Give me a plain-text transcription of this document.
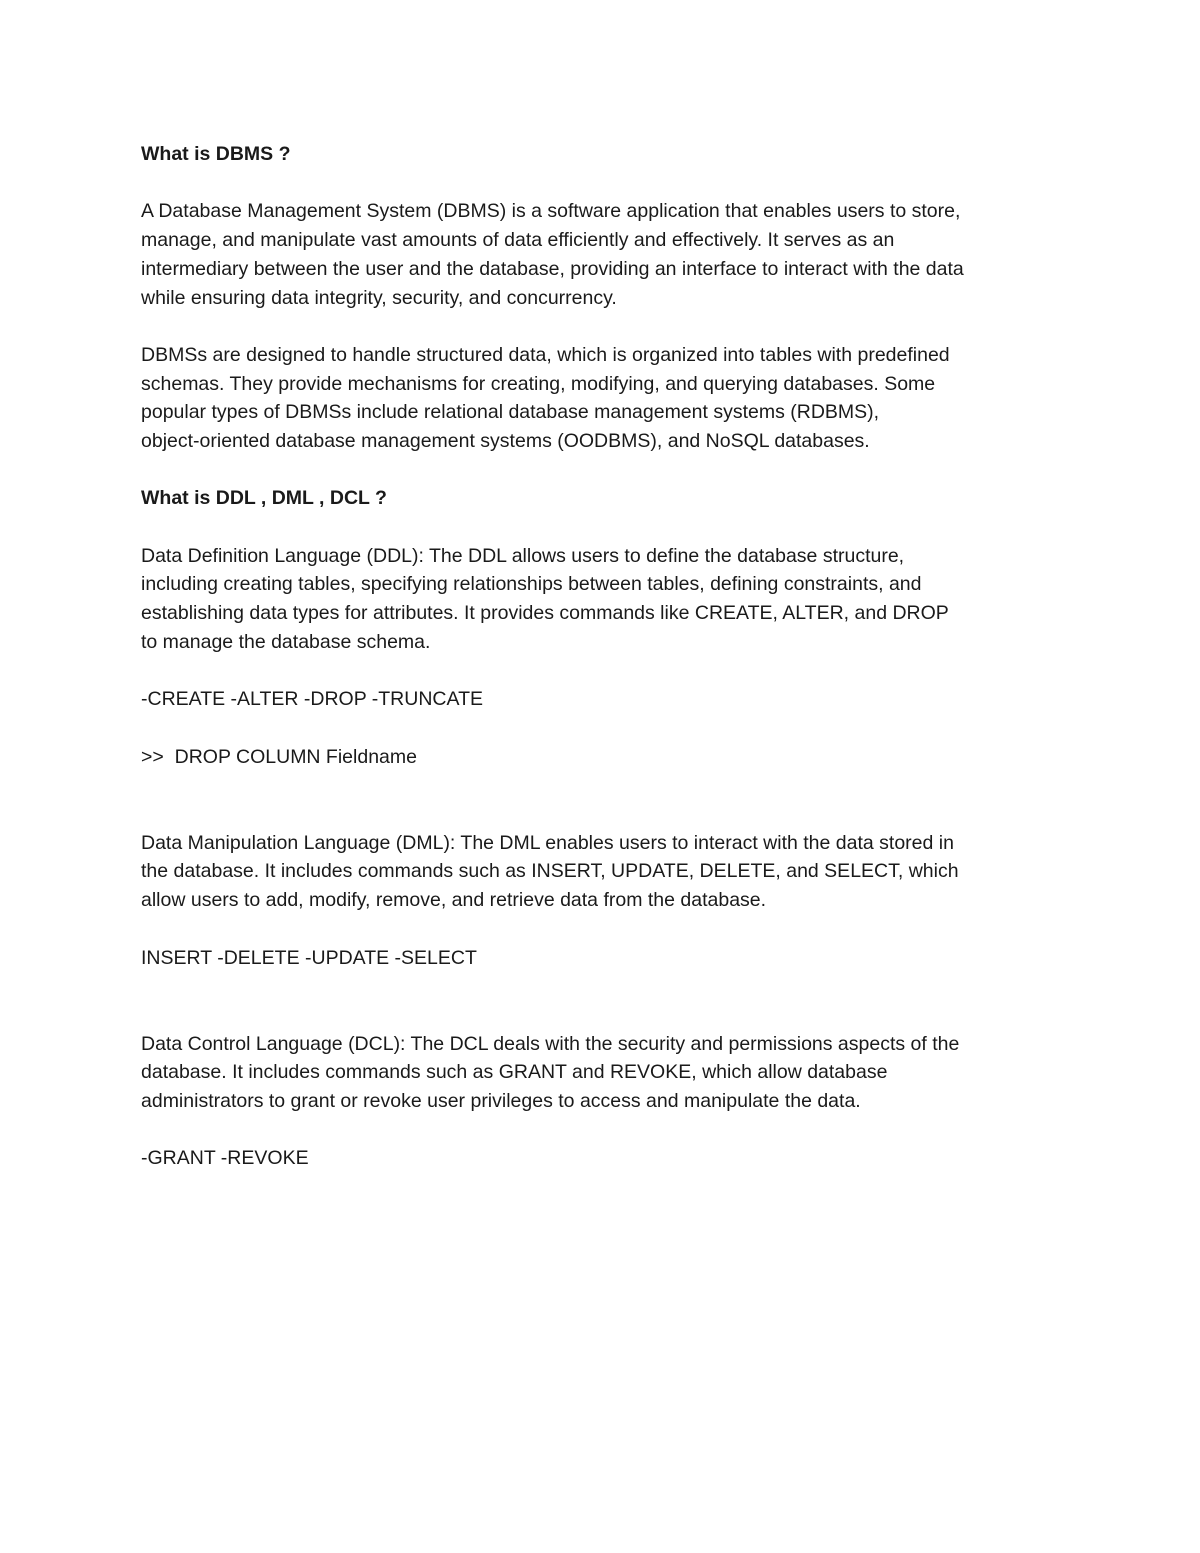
What is DBMS ?
A Database Management System (DBMS) is a software application that enables users to store,
manage, and manipulate vast amounts of data efficiently and effectively. It serves as an
intermediary between the user and the database, providing an interface to interact with the data
while ensuring data integrity, security, and concurrency.
DBMSs are designed to handle structured data, which is organized into tables with predefined
schemas. They provide mechanisms for creating, modifying, and querying databases. Some
popular types of DBMSs include relational database management systems (RDBMS),
object-oriented database management systems (OODBMS), and NoSQL databases.
What is DDL , DML , DCL ?
Data Definition Language (DDL): The DDL allows users to define the database structure,
including creating tables, specifying relationships between tables, defining constraints, and
establishing data types for attributes. It provides commands like CREATE, ALTER, and DROP
to manage the database schema.
-CREATE -ALTER -DROP -TRUNCATE
>>  DROP COLUMN Fieldname
Data Manipulation Language (DML): The DML enables users to interact with the data stored in
the database. It includes commands such as INSERT, UPDATE, DELETE, and SELECT, which
allow users to add, modify, remove, and retrieve data from the database.
INSERT -DELETE -UPDATE -SELECT
Data Control Language (DCL): The DCL deals with the security and permissions aspects of the
database. It includes commands such as GRANT and REVOKE, which allow database
administrators to grant or revoke user privileges to access and manipulate the data.
-GRANT -REVOKE
